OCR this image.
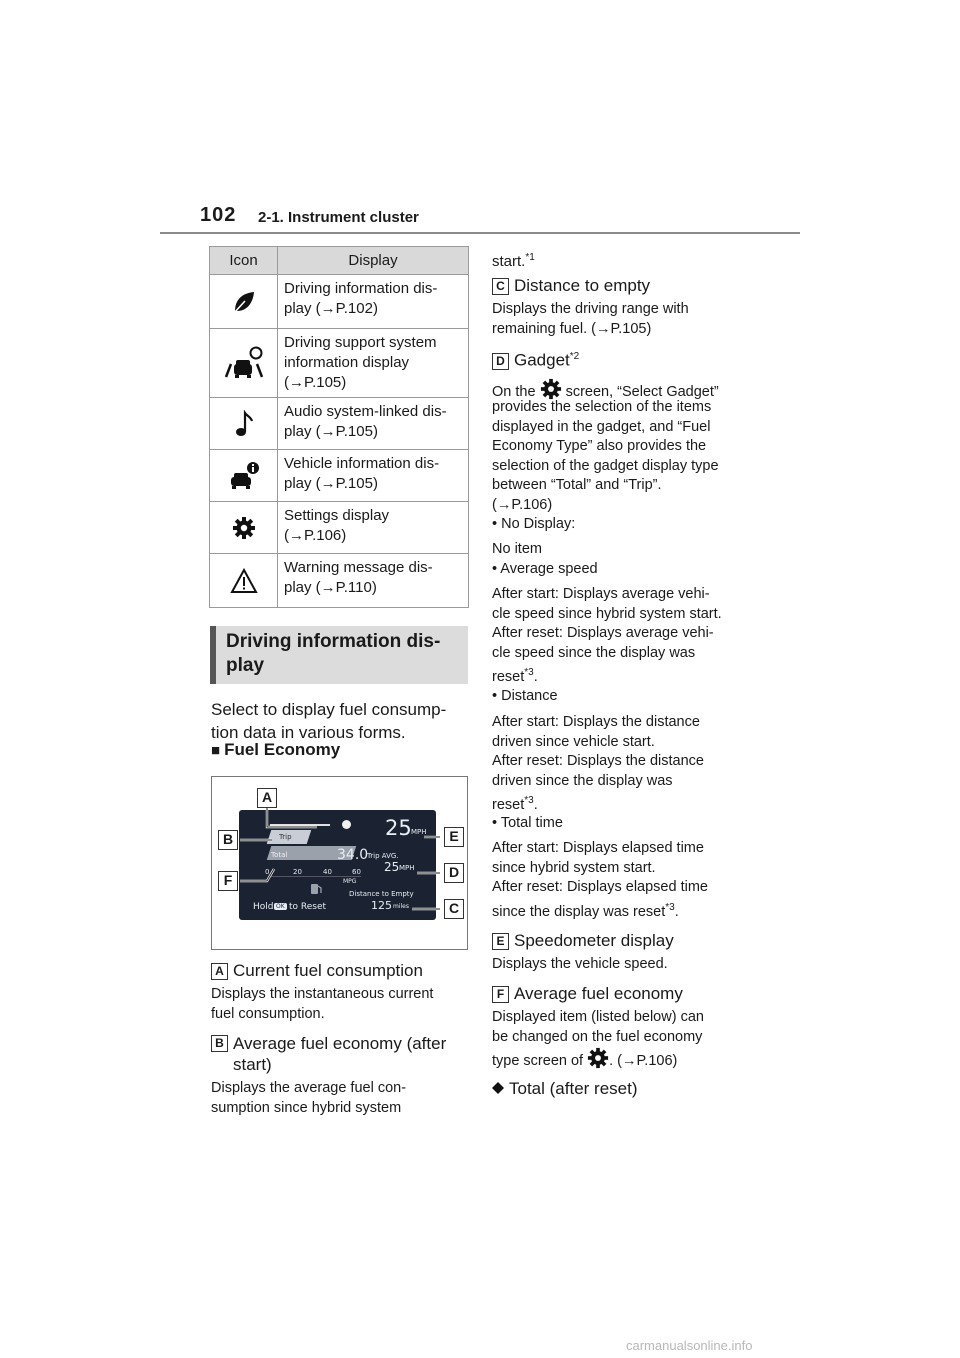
102 2-1. Instrument cluster
Icon	Display

	Driving information dis-
play (→P.102)

	Driving support system
information display
(→P.105)

	Audio system-linked dis-
play (→P.105)

	Vehicle information dis-
play (→P.105)

	Settings display
(→P.106)

	Warning message dis-
play (→P.110)
Driving information dis-
play
Select to display fuel consump-
tion data in various forms.
■ Fuel Economy
25 MPH
Trip
Total	34.0
Trip AVG.
25 MPH
0	20	40	60
MPG
Distance to Empty
125 miles
Hold OK to Reset
A
B
C
D
E
F
A Current fuel consumption
Displays the instantaneous current
fuel consumption.
B Average fuel economy (after
start)
Displays the average fuel con-
sumption since hybrid system
start.$^{*1}$
C Distance to empty
Displays the driving range with
remaining fuel. (→P.105)
D Gadget$^{*2}$
On the screen, “Select Gadget”
provides the selection of the items
displayed in the gadget, and “Fuel
Economy Type” also provides the
selection of the gadget display type
between “Total” and “Trip”.
(→P.106)
• No Display:
No item
• Average speed
After start: Displays average vehi-
cle speed since hybrid system start.
After reset: Displays average vehi-
cle speed since the display was
reset$^{*3}$.
• Distance
After start: Displays the distance
driven since vehicle start.
After reset: Displays the distance
driven since the display was
reset$^{*3}$.
• Total time
After start: Displays elapsed time
since hybrid system start.
After reset: Displays elapsed time
since the display was reset$^{*3}$.
E Speedometer display
Displays the vehicle speed.
F Average fuel economy
Displayed item (listed below) can
be changed on the fuel economy
type screen of . (→P.106)
Total (after reset)
carmanualsonline.info
